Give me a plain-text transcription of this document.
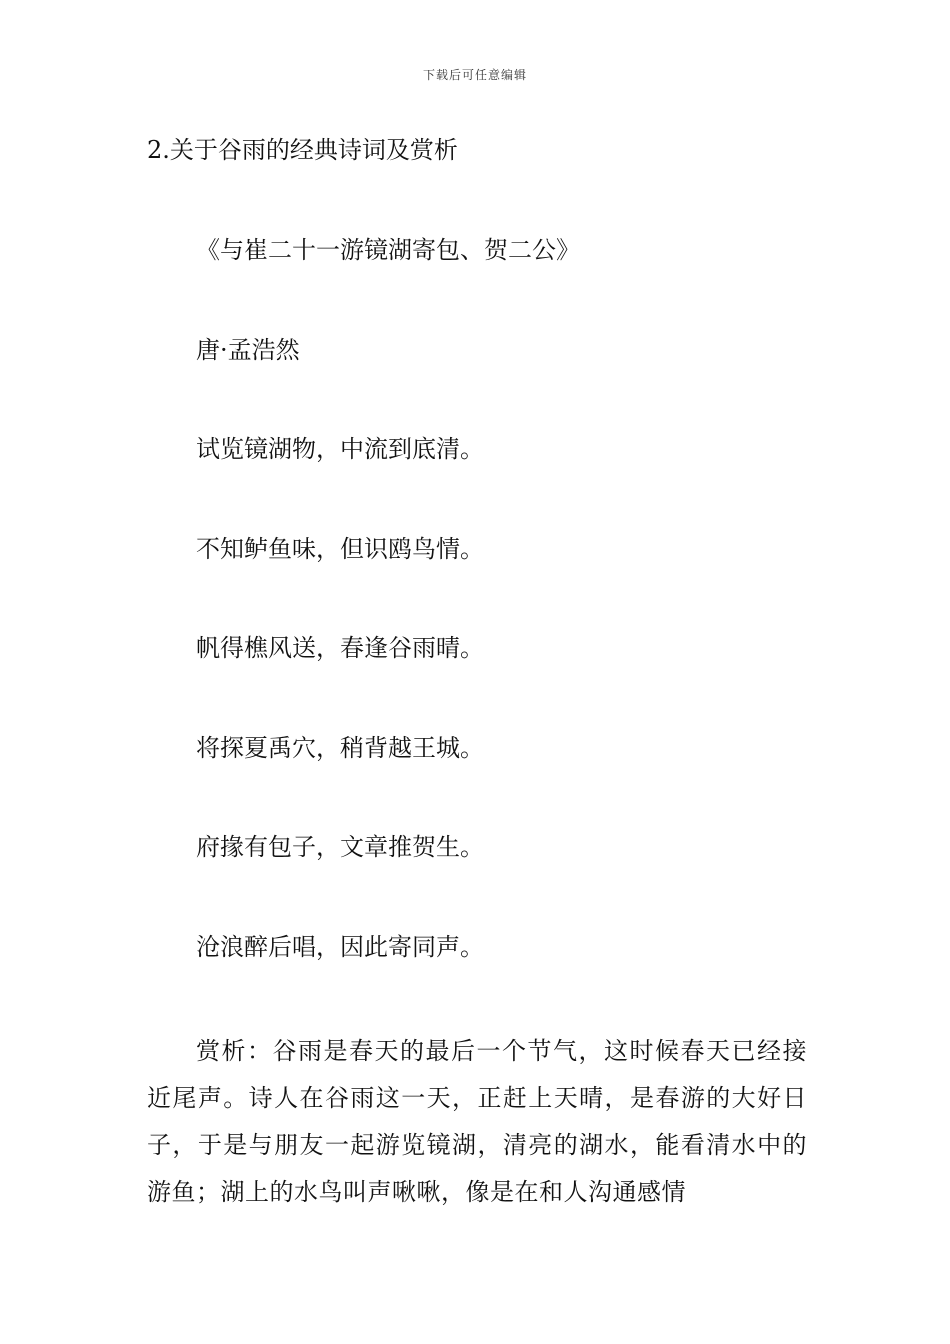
下载后可任意编辑
2.关于谷雨的经典诗词及赏析
《与崔二十一游镜湖寄包、贺二公》
唐·孟浩然
试览镜湖物，中流到底清。
不知鲈鱼味，但识鸥鸟情。
帆得樵风送，春逢谷雨晴。
将探夏禹穴，稍背越王城。
府掾有包子，文章推贺生。
沧浪醉后唱，因此寄同声。
赏析：谷雨是春天的最后一个节气，这时候春天已经接近尾声。诗人在谷雨这一天，正赶上天晴，是春游的大好日子，于是与朋友一起游览镜湖，清亮的湖水，能看清水中的游鱼；湖上的水鸟叫声啾啾，像是在和人沟通感情
